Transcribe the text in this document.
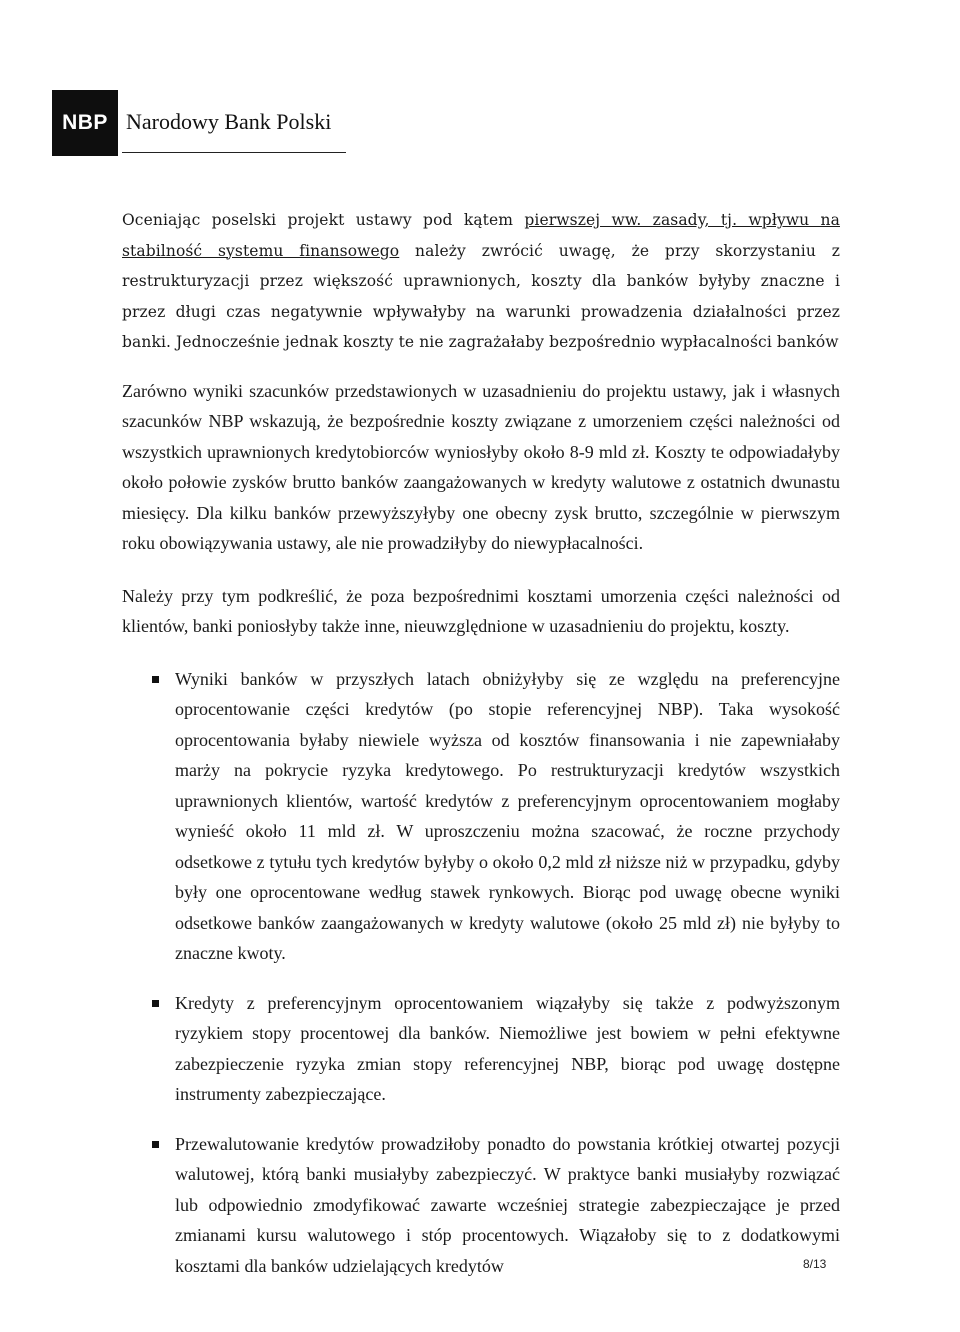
NBP Narodowy Bank Polski

Oceniając poselski projekt ustawy pod kątem pierwszej ww. zasady, tj. wpływu na stabilność systemu finansowego należy zwrócić uwagę, że przy skorzystaniu z restrukturyzacji przez większość uprawnionych, koszty dla banków byłyby znaczne i przez długi czas negatywnie wpływałyby na warunki prowadzenia działalności przez banki. Jednocześnie jednak koszty te nie zagrażałaby bezpośrednio wypłacalności banków

Zarówno wyniki szacunków przedstawionych w uzasadnieniu do projektu ustawy, jak i własnych szacunków NBP wskazują, że bezpośrednie koszty związane z umorzeniem części należności od wszystkich uprawnionych kredytobiorców wyniosłyby około 8-9 mld zł. Koszty te odpowiadałyby około połowie zysków brutto banków zaangażowanych w kredyty walutowe z ostatnich dwunastu miesięcy. Dla kilku banków przewyższyłyby one obecny zysk brutto, szczególnie w pierwszym roku obowiązywania ustawy, ale nie prowadziłyby do niewypłacalności.

Należy przy tym podkreślić, że poza bezpośrednimi kosztami umorzenia części należności od klientów, banki poniosłyby także inne, nieuwzględnione w uzasadnieniu do projektu, koszty.

Wyniki banków w przyszłych latach obniżyłyby się ze względu na preferencyjne oprocentowanie części kredytów (po stopie referencyjnej NBP). Taka wysokość oprocentowania byłaby niewiele wyższa od kosztów finansowania i nie zapewniałaby marży na pokrycie ryzyka kredytowego. Po restrukturyzacji kredytów wszystkich uprawnionych klientów, wartość kredytów z preferencyjnym oprocentowaniem mogłaby wynieść około 11 mld zł. W uproszczeniu można szacować, że roczne przychody odsetkowe z tytułu tych kredytów byłyby o około 0,2 mld zł niższe niż w przypadku, gdyby były one oprocentowane według stawek rynkowych. Biorąc pod uwagę obecne wyniki odsetkowe banków zaangażowanych w kredyty walutowe (około 25 mld zł) nie byłyby to znaczne kwoty.
Kredyty z preferencyjnym oprocentowaniem wiązałyby się także z podwyższonym ryzykiem stopy procentowej dla banków. Niemożliwe jest bowiem w pełni efektywne zabezpieczenie ryzyka zmian stopy referencyjnej NBP, biorąc pod uwagę dostępne instrumenty zabezpieczające.
Przewalutowanie kredytów prowadziłoby ponadto do powstania krótkiej otwartej pozycji walutowej, którą banki musiałyby zabezpieczyć. W praktyce banki musiałyby rozwiązać lub odpowiednio zmodyfikować zawarte wcześniej strategie zabezpieczające je przed zmianami kursu walutowego i stóp procentowych. Wiązałoby się to z dodatkowymi kosztami dla banków udzielających kredytów	8/13
